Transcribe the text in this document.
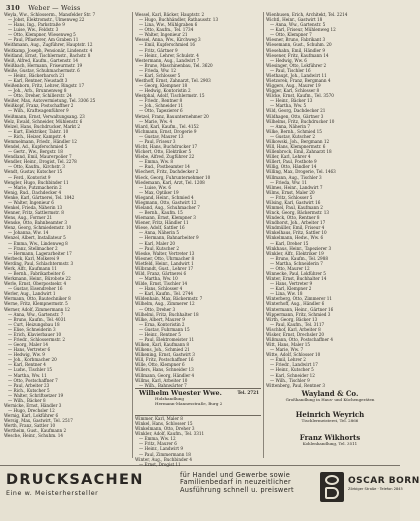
310 Weber — Weiss
Weyla, Ww., Schlosserm., Mansfelder Str. 7
— Jobst, Elektromstr., Ulmenweg 22
— Hans, Ing., Parkstraße 9
— Luise, Ww., Feldstr. 3
— Otto, Klempner, Wiesenweg 5
— Paul, Pflasterer, Am Graben 11
Weithmann, Aug., Zugführer, Hauptstr. 12
Weitkamp, Joseph, Pensionär, Lindenstr. 4
Weitland, Ernst, Tischlermstr., Bachstr. 8
Weiß, Alfred, Kaufm., Gartenstr. 14
Weißbach, Hermann, Friseurmstr. 19
Weiße, Gustav, Schuhmachermstr. 6
— Heinr., Bäckerbarsch 21
— Karl, Rentner, Neustadt 3
Weißenborn, Fritz, Lehrer, Ringstr. 17
— Joh., Arb., Brunnenweg 8
— Otto, Dreher, Schillerstr. 24
Weißer, Max, Autovermietung, Tel. 3306 25
Weißkopf, Franz, Postschaffner 2
— Wilh., Kraftwagenführer 9
Weißmann, Ernst, Verwaltungsang. 23
Welz, Ewald, Schneider, Mühlenstr. 6
Welzel, Hans, Buchdrucker, Markt 2
— Kurt, Elektriker, Talstr. 10
— Rich., Heizer, Kampstr. 4
Wemmelmann, Friedr., Händler 12
Wendel, Ad., Kupferschmied 5
— Gertr., Ww., Bergstr. 18
Wendland, Emil, Maurerpolier 7
Wendler, Heinr., Drogist, Tel. 2278
— Otto, Kaufm., Kirchstr. 3
Wendt, Gustav, Kutscher 15
— Ferd., Kontorist 9
Wengler, Hugo, Buchbinder 11
— Marie, Putzmacherin 2
Wenig, Rud., Dachdecker 4
Wenke, Karl, Gärtnerei, Tel. 1842
— Walter, Ingenieur 6
Wenkel, Frieda, Näherin 13
Wenner, Fritz, Sattlermstr. 8
Wens, Aug., Former 21
Wenske, Otto, Bahnbeamter 3
Wenz, Georg, Schmiedemstr. 10
— Johanna, Ww. 14
Wenzel, Albert, Installateur 5
— Emma, Ww., Lindenweg 8
— Franz, Stellmacher 2
— Hermann, Lagerarbeiter 17
Werbeck, Karl, Molkerei 9
Werding, Paul, Schlachtermstr. 3
Werk, Alfr., Kaufmann 11
— Bernh., Fabrikarbeiter 6
Werkmann, Heinr., Bürobote 22
Werle, Ernst, Oberpostsekr. 4
— Gustav, Eisendreher 16
Werler, Aug., Landwirt 1
Wermann, Otto, Bautechniker 8
Werne, Fritz, Klempnermstr. 5
Werner, Adolf, Zimmermann 12
— Anna, Ww., Gartenstr. 7
— Bruno, Kaufm., Tel. 4031
— Curt, Heizungsbau 18
— Elise, Schneiderin 3
— Erich, Klavierbauer 10
— Friedr., Schlossermstr. 2
— Georg, Maler 14
— Hans, Vertreter 6
— Hedwig, Ww. 9
— Joh., Korbmacher 20
— Karl, Rentner 4
— Ludw., Tischler 15
— Martha, Ww. 11
— Otto, Postschaffner 7
— Paul, Arbeiter 23
— Rich., Kutscher 5
— Walter, Schriftsetzer 19
— Wilh., Bäcker 8
Wernicke, Ernst, Händler 3
— Hugo, Drechsler 12
Wernig, Karl, Lokführer 6
Wersig, Max, Gastwirt, Tel. 2517
Werth, Franz, Sattler 10
Wertheim, Gust., Kaufmann 2
Wesche, Heinr., Schuhm. 14
Wessel, Karl, Bäcker, Hauptstr. 2
— Hugo, Buchhändler, Rathausstr. 13
— Lina, Ww., Mühlgraben 6
— Otto, Kaufm., Tel. 1734
— Walter, Ingenieur 21
Wessel, Anna, Ww., Kirchweg 3
— Emil, Kupferschmied 16
— Fritz, Gärtner 9
— Heinr., Lehrer, Schulstr. 4
Westermann, Aug., Landwirt 7
— Bruno, Maschinenbau, Tel. 3620
— Frieda, Ww. 12
— Karl, Schlosser 5
Westhoff, Ernst, Zahnarzt, Tel. 2903
— Georg, Klempner 18
— Hedwig, Kontoristin 2
Westphal, Adolf, Tischlermstr. 15
— Friedr., Rentner 8
— Joh., Schneider 11
— Otto, Tapezierer 6
Wetzel, Franz, Bauunternehmer 20
— Marie, Ww. 4
Wiard, Karl, Kaufm., Tel. 4152
Wichmann, Ernst, Drogerie 9
— Gustav, Maurer 13
— Paul, Friseur 3
Wicht, Hans, Buchdrucker 17
Wickert, Otto, Elektriker 5
Wiebe, Alfred, Zugführer 22
— Emma, Ww. 8
— Rud., Postbeamter 14
Wiechert, Fritz, Dachdecker 2
Wieck, Georg, Fuhrunternehmer 10
Wiedemann, Karl, Arzt, Tel. 1208
— Luise, Ww. 6
— Max, Optiker 19
Wiegand, Heinr., Schmied 4
Wiegmann, Otto, Gastwirt 12
Wieland, Aug., Schuhmacher 7
— Bernh., Kaufm. 15
Wiemann, Ernst, Klempner 3
Wiener, Fritz, Händler 11
Wiese, Adolf, Sattler 16
— Anna, Näherin 5
— Hermann, Bahnarbeiter 9
— Karl, Maler 20
— Paul, Kutscher 2
Wieske, Walter, Vertreter 13
Wiesner, Otto, Uhrmacher 8
Wietfeld, Heinr., Landwirt 1
Wilbrandt, Gust., Lehrer 17
Wild, Franz, Gärtnerei 6
— Martha, Ww. 10
Wilde, Ernst, Tischler 14
— Hans, Schlosser 4
— Karl, Kaufm., Tel. 2744
Wildenhain, Max, Bäckermstr. 7
Wilhelm, Aug., Zimmerer 12
— Otto, Dreher 3
Wilhelmi, Fritz, Buchhalter 18
Wilke, Albert, Maurer 9
— Erna, Kontoristin 2
— Gustav, Fuhrmann 15
— Heinr., Rentner 5
— Paul, Elektromeister 11
Wilken, Karl, Kaufmann 8
Wilkens, Joh., Schmied 21
Wilkening, Ernst, Gastwirt 3
Will, Fritz, Postschaffner 16
Wille, Otto, Klempner 6
Willers, Hans, Schneider 13
Willmann, Georg, Händler 4
Willms, Karl, Arbeiter 10
— Wilh., Bahnwärter 7
Wienhusen, Erich, Architekt, Tel. 2214
Wichtl, Heinr., Gastwirt 18
— Anna, Ww., Gartenstr. 5
— Karl, Friseur, Mühlenweg 12
— Otto, Klempner 7
Wiesner, Bruno, Fabrikant 3
Wiesemann, Gust., Schuhm. 20
Wiesehahn, Emil, Händler 9
Wiesener, Fritz, Kaufmann 14
— Hedwig, Ww. 6
Wiesinger, Otto, Lokführer 2
— Paul, Tischler 16
Wiethaupt, Joh., Landwirt 11
Wietzorek, Franz, Bergmann 4
Wiggers, Aug., Maurer 19
Wigger, Karl, Schlosser 8
Wilcke, Ernst, Kaufm., Tel. 3570
— Heinr., Bäcker 13
— Martha, Ww. 5
Wild, Georg, Dachdecker 21
Wildhagen, Otto, Gärtner 3
Wilhelms, Fritz, Buchdrucker 10
— Anna, Näherin 7
Wilke, Bernh., Schmied 15
— Gustav, Kutscher 2
Wilkowski, Joh., Bergmann 12
Will, Hans, Klempnermstr. 6
Willenbrock, Emil, Zahnarzt 18
Willer, Karl, Lehrer 4
Willert, Paul, Postbote 9
Willig, Otto, Händler 14
Willing, Max, Drogerie, Tel. 1463
Willmann, Aug., Tischler 3
— Frieda, Ww. 11
Wilmes, Heinr., Landwirt 7
Wilms, Ernst, Maler 20
— Fritz, Schlosser 5
Wilsing, Karl, Gastwirt 16
Wimmel, Paul, Kaufmann 2
Winck, Georg, Bäckermstr. 13
Windeck, Otto, Rentner 8
Windhorst, Joh., Arbeiter 17
Windmüller, Emil, Friseur 4
Winkelhaus, Fritz, Sattler 10
Winkelmann, Hedw., Ww. 6
— Karl, Dreher 15
Winkhaus, Heinr., Tapezierer 3
Winkler, Alfr., Elektriker 19
— Bruno, Kaufm., Tel. 2988
— Martha, Schneiderin 7
— Otto, Maurer 12
Winnecke, Paul, Lokführer 5
Winter, Ernst, Buchhalter 14
— Hans, Vertreter 9
— Karl, Klempner 2
— Lina, Ww. 18
Winterberg, Otto, Zimmerer 11
Winterhoff, Aug., Händler 6
Wintermann, Heinr., Gärtner 16
Wippermann, Fritz, Schmied 3
Wirth, Georg, Bäcker 13
— Paul, Kaufm., Tel. 3117
Wischhof, Karl, Arbeiter 8
Wisker, Ernst, Drechsler 20
Wißmann, Otto, Postschaffner 4
Witt, Hans, Maler 15
— Marie, Ww. 7
Witte, Adolf, Schlosser 10
— Emil, Lehrer 2
— Friedr., Landwirt 17
— Heinr., Kutscher 5
— Karl, Schneider 12
— Wilh., Tischler 9
Wittenberg, Paul, Rentner 3
Wilhelm Wuester Wwe.
Holzhandlung
Hermann-Mannesstraße, Burg 2
Tel. 2721	Wayland & Co.
Großhandlung in Haus- und Küchengeräten
Heinrich Weyrich
Tischlermeisterei, Tel. 2866
Franz Wikhorts
Kohlenhandlung, Tel. 3511
DRUCKSACHEN
Eine w. Meisterhersteller
für Handel und Gewerbe sowie
Familienbedarf in neuzeitlicher
Ausführung schnell u. preiswert
OSCAR BORN
Zörbiger Straße · Telefon 2845
Wimmer, Karl, Maler 8
Winkel, Hans, Schlosser 15
Winkelmann, Otto, Dreher 3
Winkler, Adolf, Kaufm., Tel. 3311
— Emma, Ww. 12
— Fritz, Maurer 6
— Heinr., Landwirt 9
— Paul, Zimmermann 18
Winter, Aug., Buchbinder 4
— Ernst, Drogist 11
